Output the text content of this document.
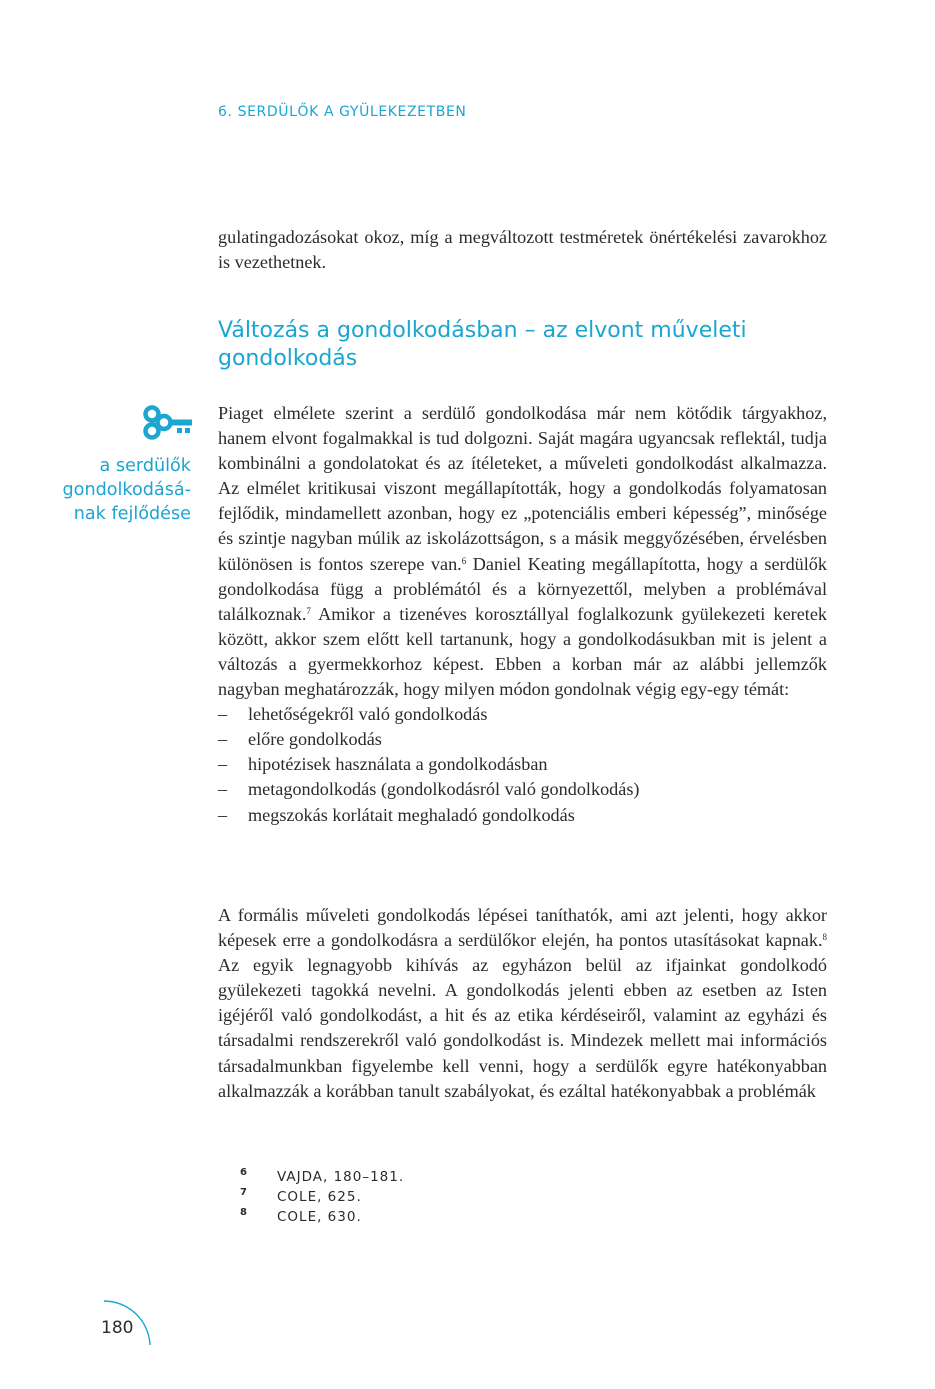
6. SERDÜLŐK A GYÜLEKEZETBEN

gulatingadozásokat okoz, míg a megváltozott testméretek önértékelési zavarokhoz is vezethetnek.

Változás a gondolkodásban – az elvont műveleti gondolkodás
a serdülők
gondolkodásá-
nak fejlődése

Piaget elmélete szerint a serdülő gondolkodása már nem kötődik tárgyakhoz, hanem elvont fogalmakkal is tud dolgozni. Saját magára ugyancsak reflektál, tudja kombinálni a gondolatokat és az ítéleteket, a műveleti gondolkodást alkalmazza. Az elmélet kritikusai viszont megállapították, hogy a gondolkodás folyamatosan fejlődik, mindamellett azonban, hogy ez „potenciális emberi képesség”, minősége és szintje nagyban múlik az iskolázottságon, s a másik meggyőzésében, érvelésben különösen is fontos szerepe van.$^6$ Daniel Keating megállapította, hogy a serdülők gondolkodása függ a problémától és a környezettől, melyben a problémával találkoznak.$^7$ Amikor a tizenéves korosztállyal foglalkozunk gyülekezeti keretek között, akkor szem előtt kell tartanunk, hogy a gondolkodásukban mit is jelent a változás a gyermekkorhoz képest. Ebben a korban már az alábbi jellemzők nagyban meghatározzák, hogy milyen módon gondolnak végig egy-egy témát:

– lehetőségekről való gondolkodás
– előre gondolkodás
– hipotézisek használata a gondolkodásban
– metagondolkodás (gondolkodásról való gondolkodás)
– megszokás korlátait meghaladó gondolkodás

A formális műveleti gondolkodás lépései taníthatók, ami azt jelenti, hogy akkor képesek erre a gondolkodásra a serdülőkor elején, ha pontos utasításokat kapnak.$^8$ Az egyik legnagyobb kihívás az egyházon belül az ifjainkat gondolkodó gyülekezeti tagokká nevelni. A gondolkodás jelenti ebben az esetben az Isten igéjéről való gondolkodást, a hit és az etika kérdéseiről, valamint az egyházi és társadalmi rendszerekről való gondolkodást is. Mindezek mellett mai információs társadalmunkban figyelembe kell venni, hogy a serdülők egyre hatékonyabban alkalmazzák a korábban tanult szabályokat, és ezáltal hatékonyabbak a problémák

6 VAJDA, 180–181.
7 COLE, 625.
8 COLE, 630.
180
